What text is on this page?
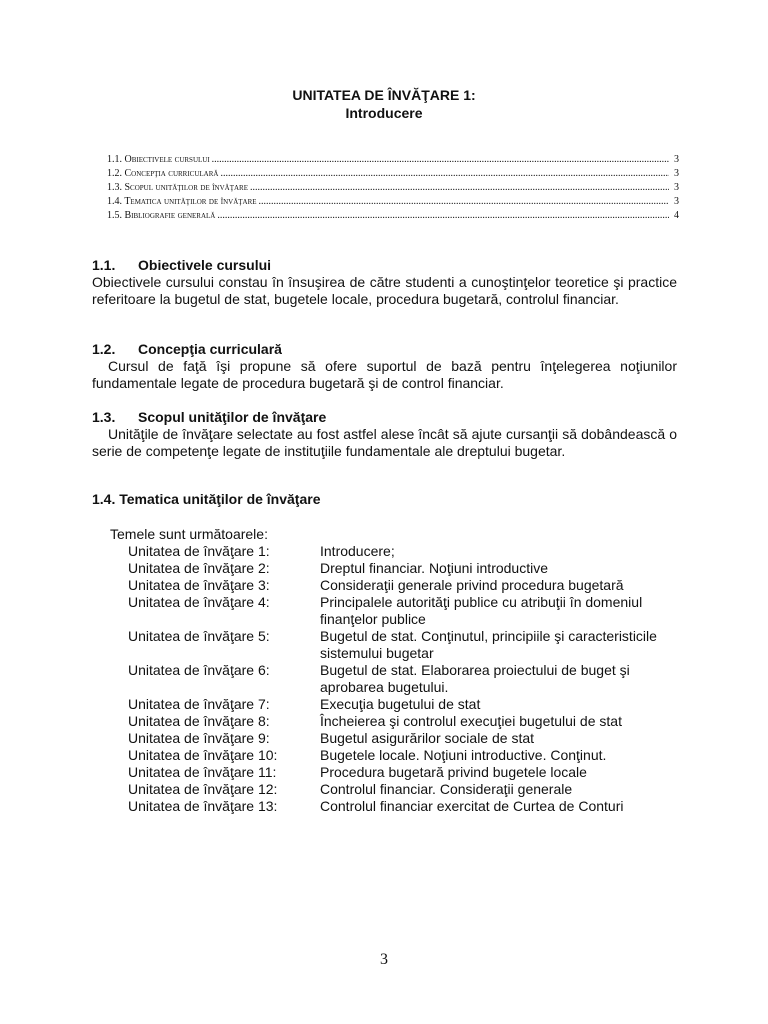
UNITATEA DE ÎNVĂŢARE 1:
Introducere
1.1. Obiectivele cursului .....	3
1.2. Concepţia curriculară .....	3
1.3. Scopul unităţilor de învăţare .....	3
1.4. Tematica unităţilor de învăţare .....	3
1.5. Bibliografie generală .....	4
1.1. Obiectivele cursului
Obiectivele cursului constau în însuşirea de către studenti a cunoştinţelor teoretice şi practice referitoare la bugetul de stat, bugetele locale, procedura bugetară, controlul financiar.
1.2. Concepţia curriculară
Cursul de faţă îşi propune să ofere suportul de bază pentru înţelegerea noţiunilor fundamentale legate de procedura bugetară şi de control financiar.
1.3. Scopul unităţilor de învăţare
Unităţile de învăţare selectate au fost astfel alese încât să ajute cursanţii să dobândească o serie de competenţe legate de instituţiile fundamentale ale dreptului bugetar.
1.4. Tematica unităţilor de învăţare
Temele sunt următoarele:
Unitatea de învăţare 1:	Introducere;
Unitatea de învăţare 2:	Dreptul financiar. Noţiuni introductive
Unitatea de învăţare 3:	Consideraţii generale privind procedura bugetară
Unitatea de învăţare 4:	Principalele autorităţi publice cu atribuţii în domeniul finanţelor publice
Unitatea de învăţare 5:	Bugetul de stat. Conţinutul, principiile şi caracteristicile sistemului bugetar
Unitatea de învăţare 6:	Bugetul de stat. Elaborarea proiectului de buget şi aprobarea bugetului.
Unitatea de învăţare 7:	Execuţia bugetului de stat
Unitatea de învăţare 8:	Încheierea şi controlul execuţiei bugetului de stat
Unitatea de învăţare 9:	Bugetul asigurărilor sociale de stat
Unitatea de învăţare 10:	Bugetele locale. Noţiuni introductive. Conţinut.
Unitatea de învăţare 11:	Procedura bugetară privind bugetele locale
Unitatea de învăţare 12:	Controlul financiar. Consideraţii generale
Unitatea de învăţare 13:	Controlul financiar exercitat de Curtea de Conturi
3
